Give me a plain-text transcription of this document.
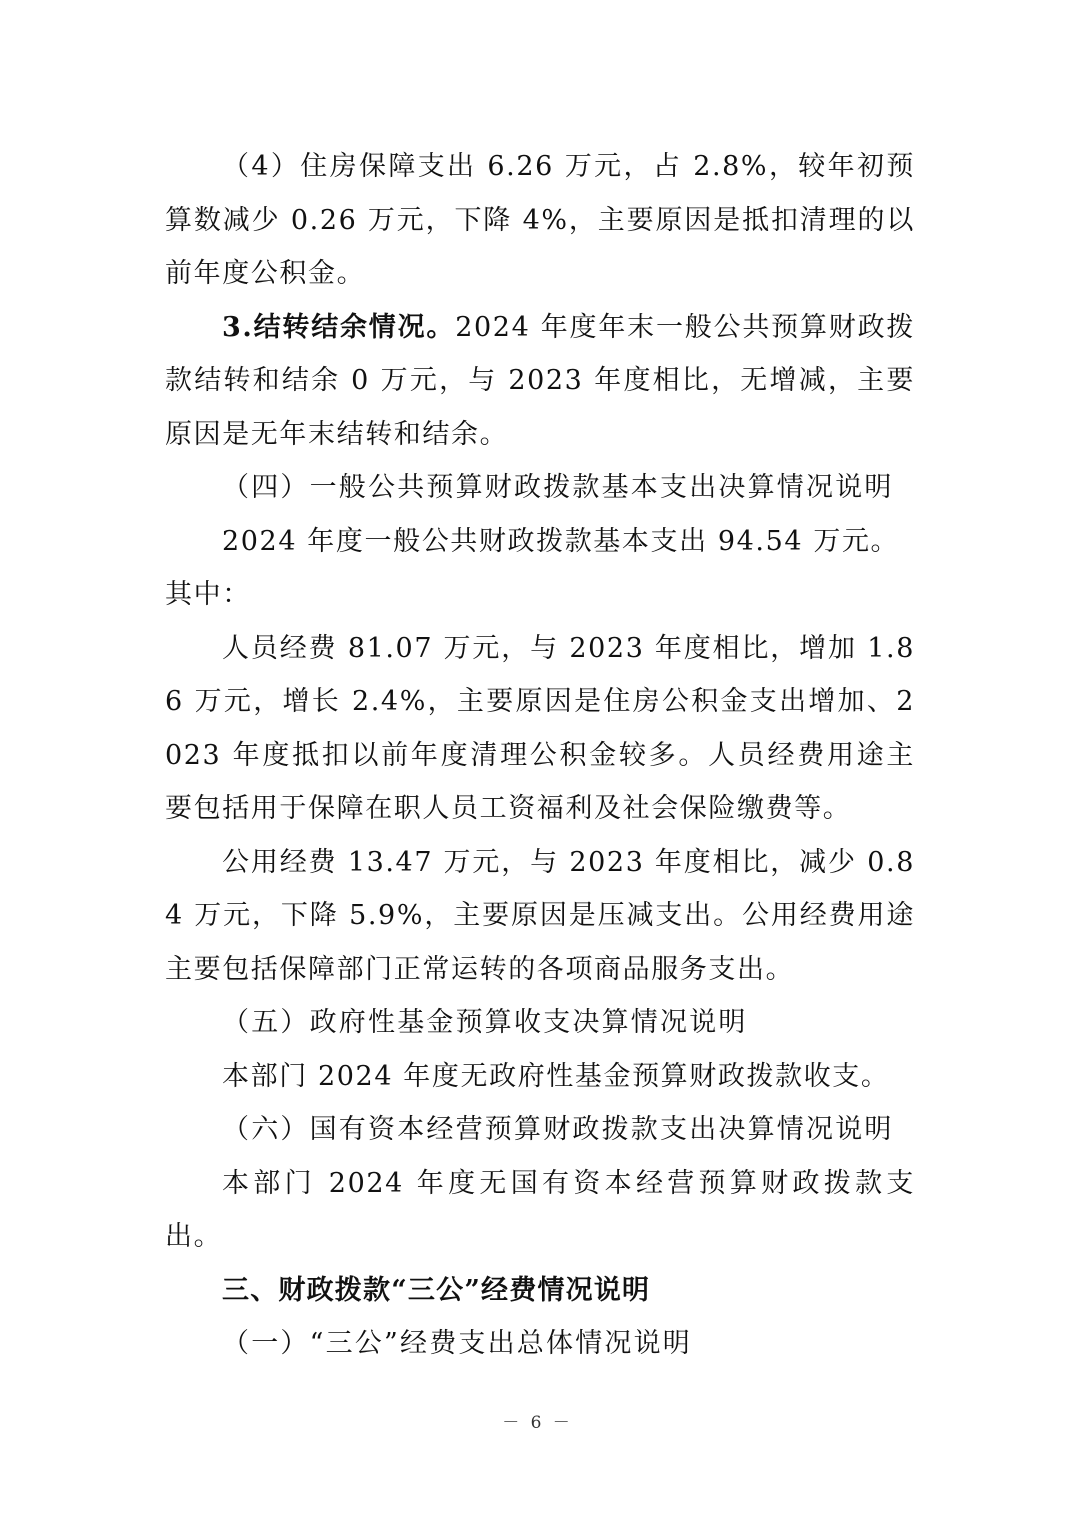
（4）住房保障支出 6.26 万元，占 2.8%，较年初预算数减少 0.26 万元，下降 4%，主要原因是抵扣清理的以前年度公积金。

3.结转结余情况。2024 年度年末一般公共预算财政拨款结转和结余 0 万元，与 2023 年度相比，无增减，主要原因是无年末结转和结余。

（四）一般公共预算财政拨款基本支出决算情况说明

2024 年度一般公共财政拨款基本支出 94.54 万元。

其中：

人员经费 81.07 万元，与 2023 年度相比，增加 1.86 万元，增长 2.4%，主要原因是住房公积金支出增加、2023 年度抵扣以前年度清理公积金较多。人员经费用途主要包括用于保障在职人员工资福利及社会保险缴费等。

公用经费 13.47 万元，与 2023 年度相比，减少 0.84 万元，下降 5.9%，主要原因是压减支出。公用经费用途主要包括保障部门正常运转的各项商品服务支出。

（五）政府性基金预算收支决算情况说明

本部门 2024 年度无政府性基金预算财政拨款收支。

（六）国有资本经营预算财政拨款支出决算情况说明

本部门 2024 年度无国有资本经营预算财政拨款支出。

三、财政拨款“三公”经费情况说明

（一）“三公”经费支出总体情况说明

－ 6 －
